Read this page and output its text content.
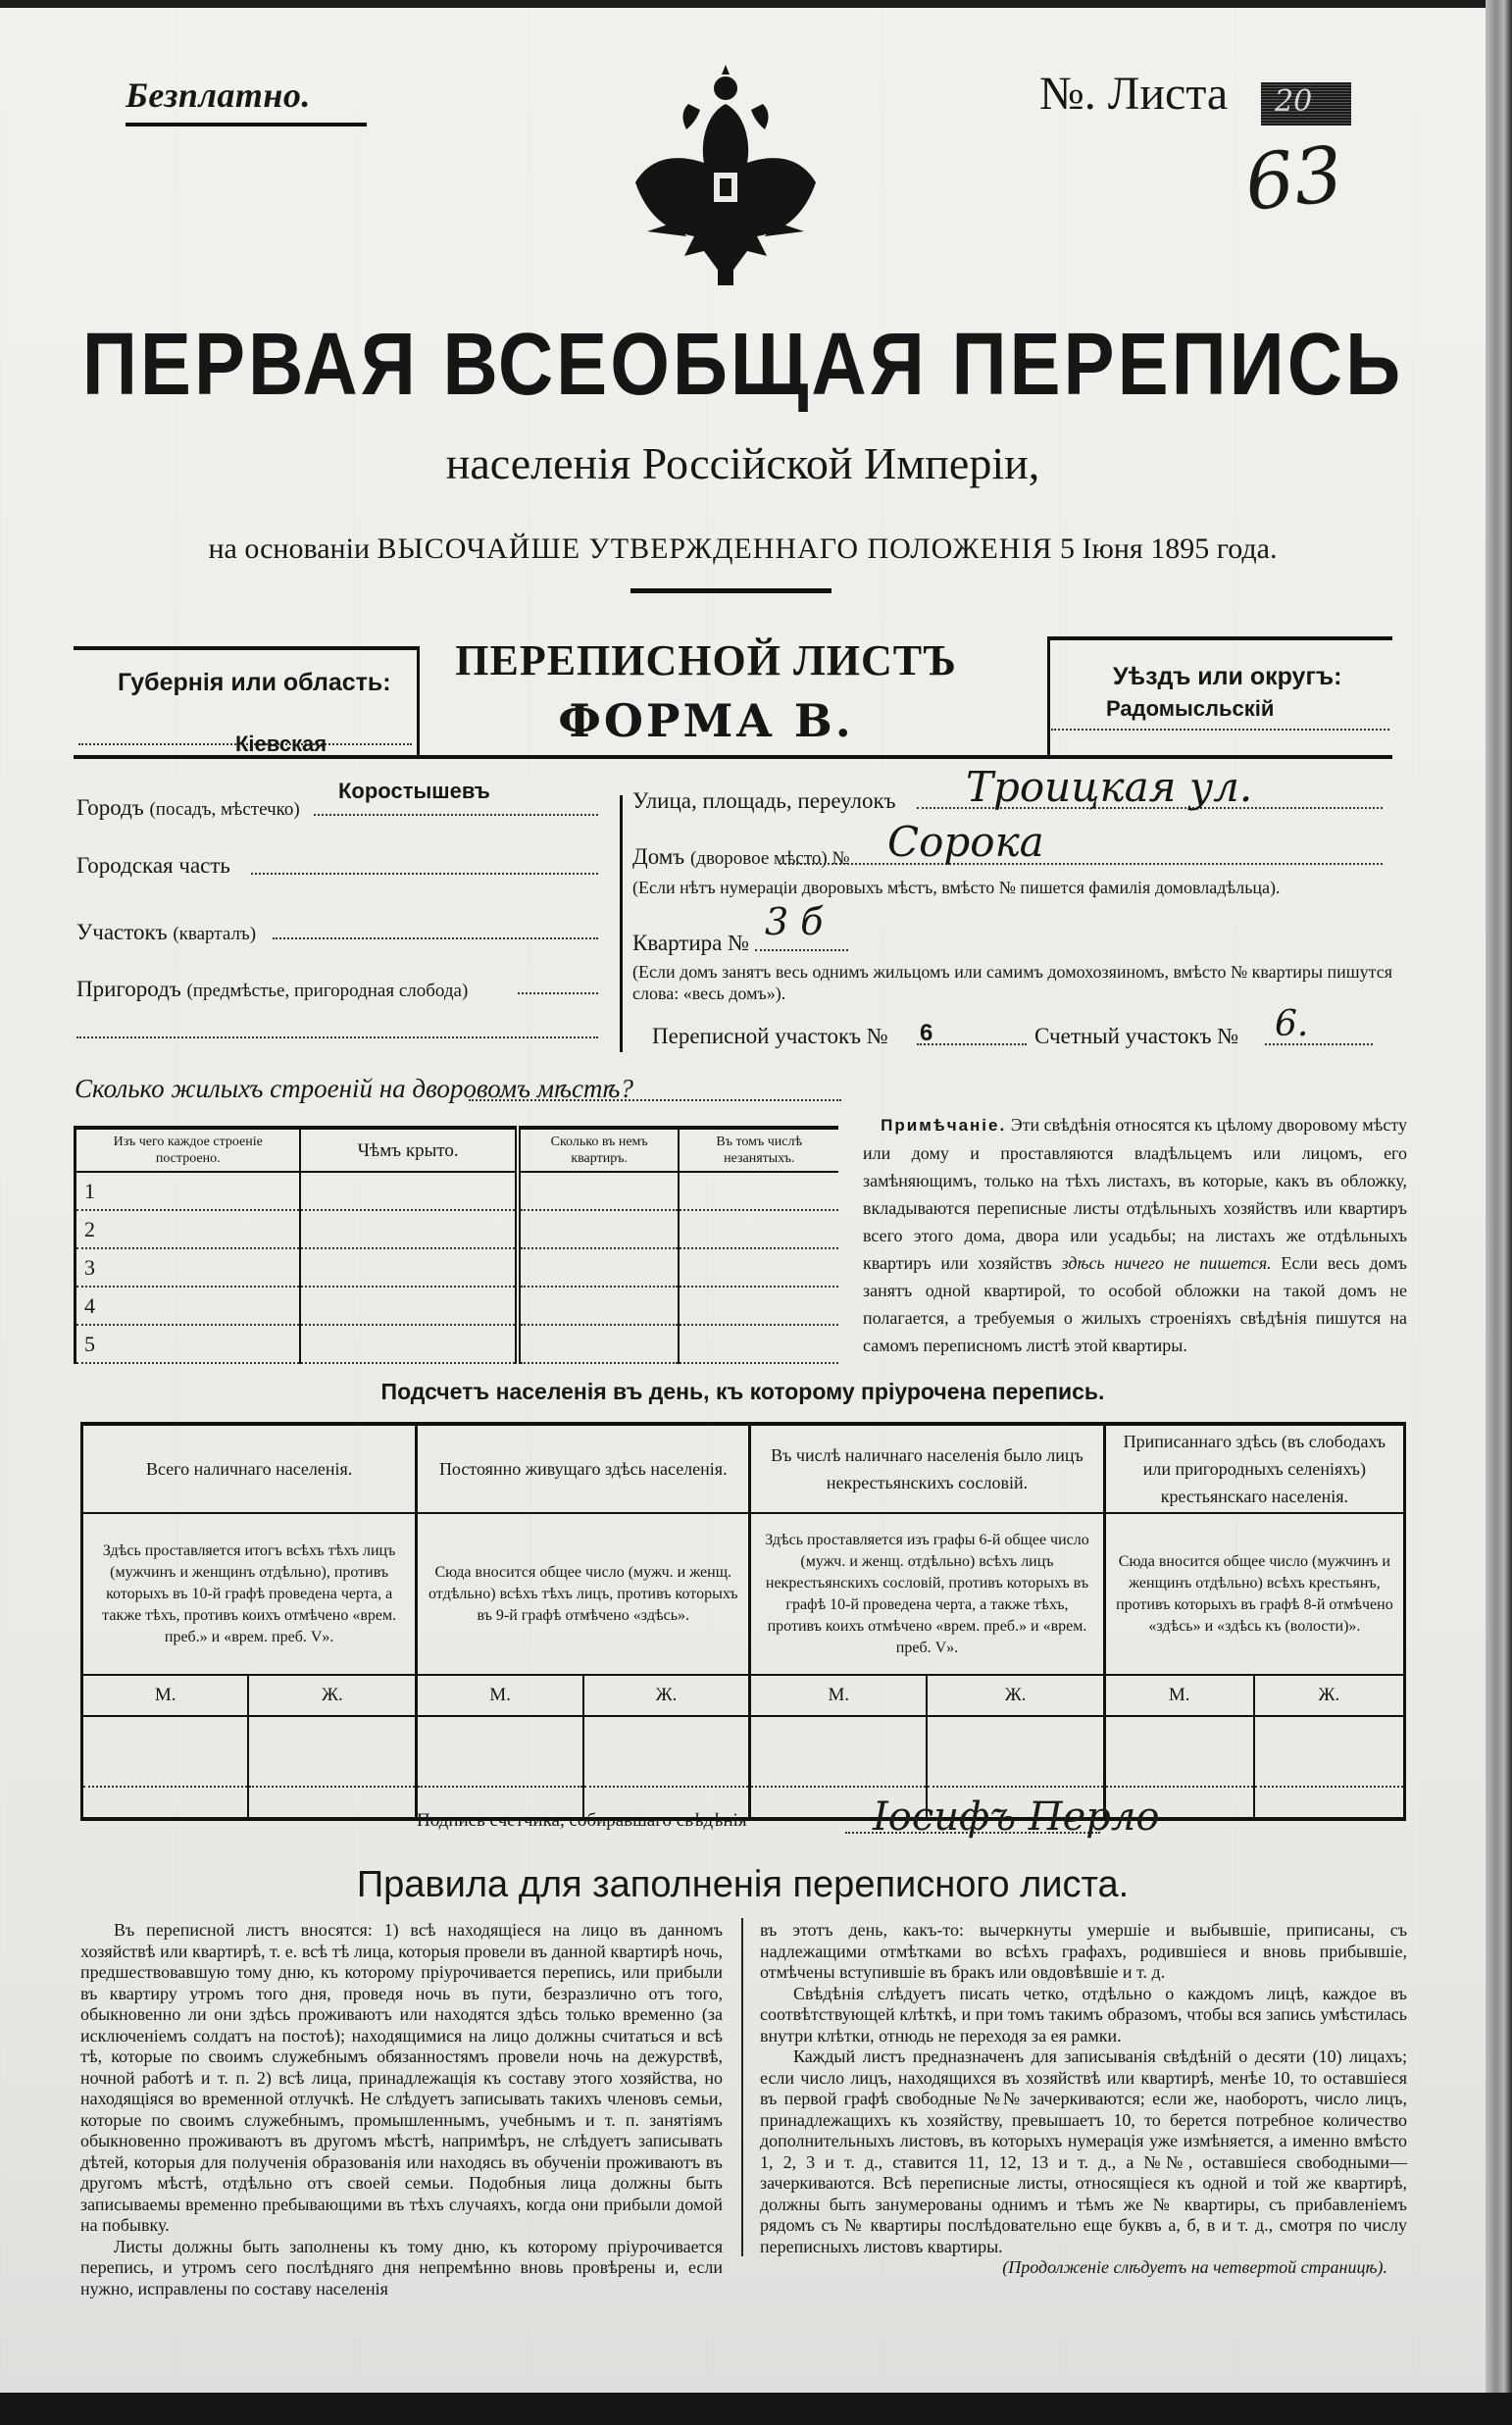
Безплатно.	№. Листа 20
63
ПЕРВАЯ ВСЕОБЩАЯ ПЕРЕПИСЬ
населенія Россійской Имперіи,
на основаніи ВЫСОЧАЙШЕ УТВЕРЖДЕННАГО ПОЛОЖЕНІЯ 5 Іюня 1895 года.
Губернія или область:
Кіевская
ПЕРЕПИСНОЙ ЛИСТЪ
ФОРМА В.
Уѣздъ или округъ:
Радомысльскій
Коростышевъ
Городъ (посадъ, мѣстечко)
Городская часть
Участокъ (кварталъ)
Пригородъ (предмѣстье, пригородная слобода)
Улица, площадь, переулокъ Троицкая ул.
Домъ (дворовое мѣсто) № Сорока
(Если нѣтъ нумераціи дворовыхъ мѣстъ, вмѣсто № пишется фамилія домовладѣльца).
Квартира № 3 б
(Если домъ занятъ весь однимъ жильцомъ или самимъ домохозяиномъ, вмѣсто № квартиры пишутся слова: «весь домъ»).
Переписной участокъ № 6	Счетный участокъ № 6.
Сколько жилыхъ строеній на дворовомъ мѣстѣ?
Изъ чего каждое строеніе построено.	Чѣмъ крыто.	Сколько въ немъ квартиръ.	Въ томъ числѣ незанятыхъ.
1			
2			
3			
4			
5			
Примѣчаніе. Эти свѣдѣнія относятся къ цѣлому дворовому мѣсту или дому и проставляются владѣльцемъ или лицомъ, его замѣняющимъ, только на тѣхъ листахъ, въ которые, какъ въ обложку, вкладываются переписные листы отдѣльныхъ хозяйствъ или квартиръ всего этого дома, двора или усадьбы; на листахъ же отдѣльныхъ квартиръ или хозяйствъ здѣсь ничего не пишется. Если весь домъ занятъ одной квартирой, то особой обложки на такой домъ не полагается, а требуемыя о жилыхъ строеніяхъ свѣдѣнія пишутся на самомъ переписномъ листѣ этой квартиры.
Подсчетъ населенія въ день, къ которому пріурочена перепись.
Всего наличнаго населенія.		Постоянно живущаго здѣсь населенія.		Въ числѣ наличнаго населенія было лицъ некрестьянскихъ сословій.		Приписаннаго здѣсь (въ слободахъ или пригородныхъ селеніяхъ) крестьянскаго населенія.	
Здѣсь проставляется итогъ всѣхъ тѣхъ лицъ (мужчинъ и женщинъ отдѣльно), противъ которыхъ въ 10-й графѣ проведена черта, а также тѣхъ, противъ коихъ отмѣчено «врем. преб.» и «врем. преб. V».		Сюда вносится общее число (мужч. и женщ. отдѣльно) всѣхъ тѣхъ лицъ, противъ которыхъ въ 9-й графѣ отмѣчено «здѣсь».		Здѣсь проставляется изъ графы 6-й общее число (мужч. и женщ. отдѣльно) всѣхъ лицъ некрестьянскихъ сословій, противъ которыхъ въ графѣ 10-й проведена черта, а также тѣхъ, противъ коихъ отмѣчено «врем. преб.» и «врем. преб. V».		Сюда вносится общее число (мужчинъ и женщинъ отдѣльно) всѣхъ крестьянъ, противъ которыхъ въ графѣ 8-й отмѣчено «здѣсь» и «здѣсь къ (волости)».	
М.	Ж.	М.	Ж.	М.	Ж.	М.	Ж.

Подпись счетчика, собиравшаго свѣдѣнія	Іосифъ Перло
Правила для заполненія переписного листа.

Въ переписной листъ вносятся: 1) всѣ находящіеся на лицо въ данномъ хозяйствѣ или квартирѣ, т. е. всѣ тѣ лица, которыя провели въ данной квартирѣ ночь, предшествовавшую тому дню, къ которому пріурочивается перепись, или прибыли въ квартиру утромъ того дня, проведя ночь въ пути, безразлично отъ того, обыкновенно ли они здѣсь проживаютъ или находятся здѣсь только временно (за исключеніемъ солдатъ на постоѣ); находящимися на лицо должны считаться и всѣ тѣ, которые по своимъ служебнымъ обязанностямъ провели ночь на дежурствѣ, ночной работѣ и т. п. 2) всѣ лица, принадлежащія къ составу этого хозяйства, но находящіяся во временной отлучкѣ. Не слѣдуетъ записывать такихъ членовъ семьи, которые по своимъ служебнымъ, промышленнымъ, учебнымъ и т. п. занятіямъ обыкновенно проживаютъ въ другомъ мѣстѣ, напримѣръ, не слѣдуетъ записывать дѣтей, которыя для полученія образованія или находясь въ обученіи проживаютъ въ другомъ мѣстѣ, отдѣльно отъ своей семьи. Подобныя лица должны быть записываемы временно пребывающими въ тѣхъ случаяхъ, когда они прибыли домой на побывку.

Листы должны быть заполнены къ тому дню, къ которому пріурочивается перепись, и утромъ сего послѣдняго дня непремѣнно вновь провѣрены и, если нужно, исправлены по составу населенія

въ этотъ день, какъ-то: вычеркнуты умершіе и выбывшіе, приписаны, съ надлежащими отмѣтками во всѣхъ графахъ, родившіеся и вновь прибывшіе, отмѣчены вступившіе въ бракъ или овдовѣвшіе и т. д.

Свѣдѣнія слѣдуетъ писать четко, отдѣльно о каждомъ лицѣ, каждое въ соотвѣтствующей клѣткѣ, и при томъ такимъ образомъ, чтобы вся запись умѣстилась внутри клѣтки, отнюдь не переходя за ея рамки.

Каждый листъ предназначенъ для записыванія свѣдѣній о десяти (10) лицахъ; если число лицъ, находящихся въ хозяйствѣ или квартирѣ, менѣе 10, то оставшіеся въ первой графѣ свободные №№ зачеркиваются; если же, наоборотъ, число лицъ, принадлежащихъ къ хозяйству, превышаетъ 10, то берется потребное количество дополнительныхъ листовъ, въ которыхъ нумерація уже измѣняется, а именно вмѣсто 1, 2, 3 и т. д., ставится 11, 12, 13 и т. д., а №№, оставшіеся свободными—зачеркиваются. Всѣ переписные листы, относящіеся къ одной и той же квартирѣ, должны быть занумерованы однимъ и тѣмъ же № квартиры, съ прибавленіемъ рядомъ съ № квартиры послѣдовательно еще буквъ а, б, в и т. д., смотря по числу переписныхъ листовъ квартиры.

(Продолженіе слѣдуетъ на четвертой страницѣ).
